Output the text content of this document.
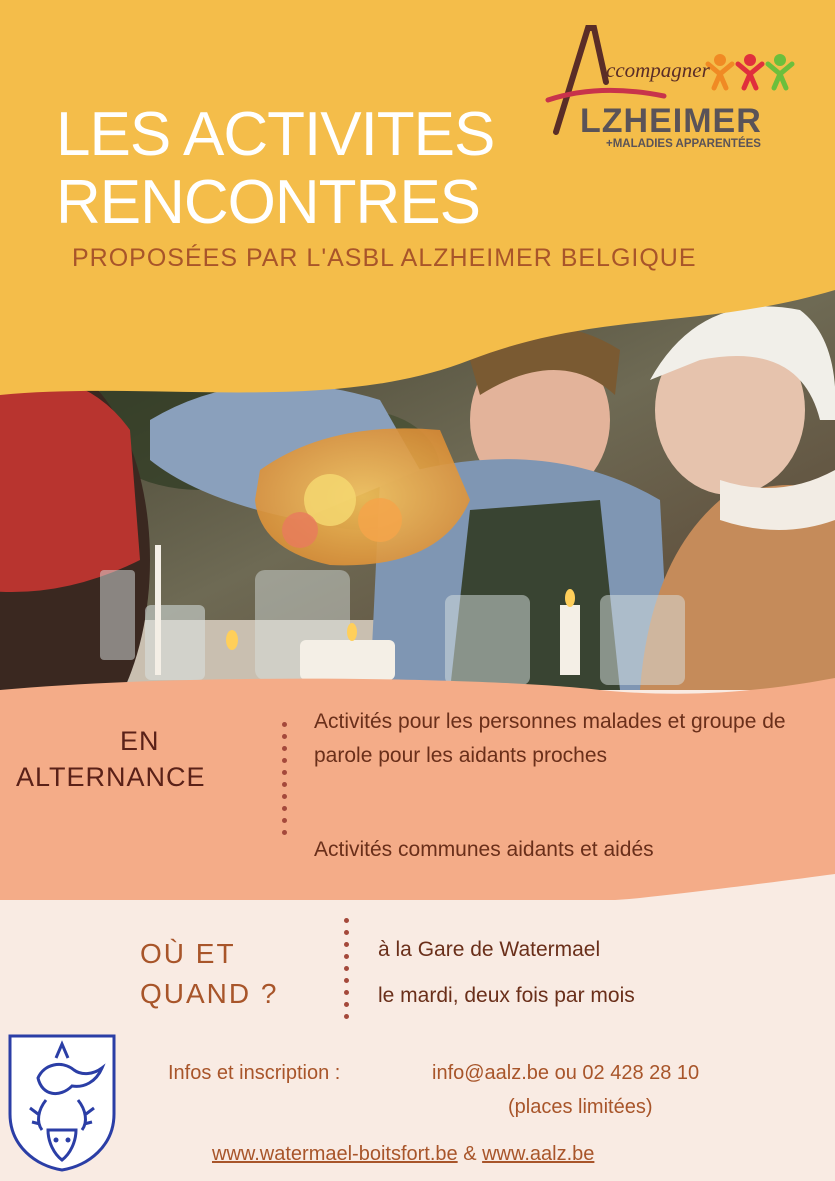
LES ACTIVITES
RENCONTRES
PROPOSÉES PAR L'ASBL ALZHEIMER BELGIQUE
ccompagner
LZHEIMER
+MALADIES APPARENTÉES
EN
ALTERNANCE
Activités pour les personnes malades et groupe de parole pour les aidants proches
Activités communes aidants et aidés
OÙ ET
QUAND ?
à la Gare de Watermael
le mardi, deux fois par mois
Infos et inscription :	info@aalz.be ou 02 428 28 10
(places limitées)
www.watermael-boitsfort.be & www.aalz.be
